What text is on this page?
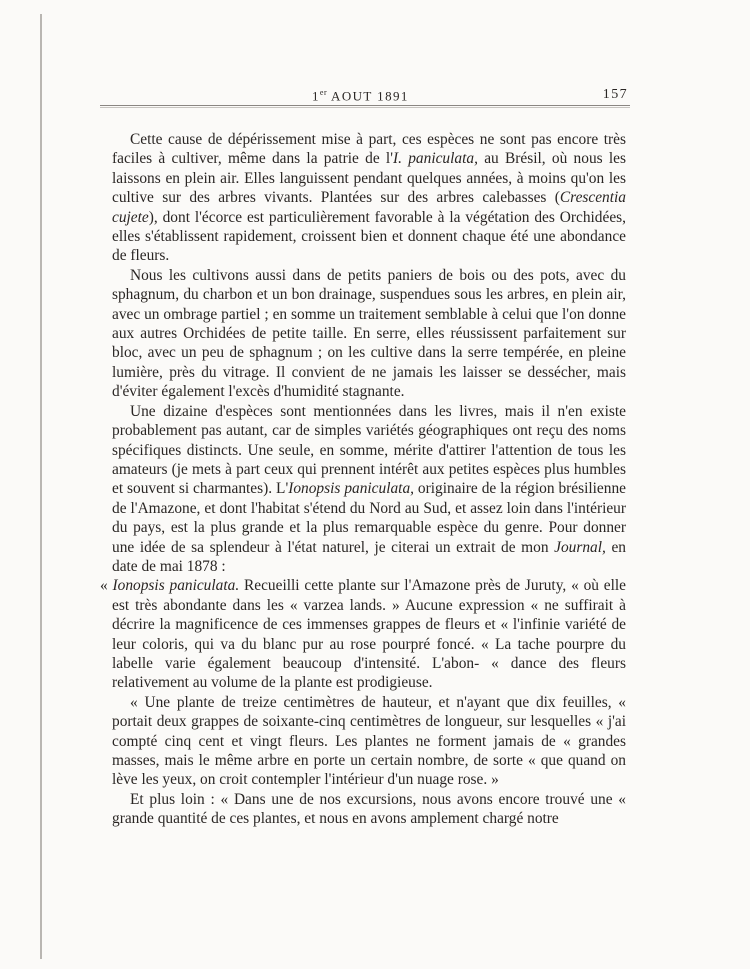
1er AOUT 1891	157

Cette cause de dépérissement mise à part, ces espèces ne sont pas encore très faciles à cultiver, même dans la patrie de l'I. paniculata, au Brésil, où nous les laissons en plein air. Elles languissent pendant quelques années, à moins qu'on les cultive sur des arbres vivants. Plantées sur des arbres calebasses (Crescentia cujete), dont l'écorce est particulièrement favorable à la végétation des Orchidées, elles s'établissent rapidement, croissent bien et donnent chaque été une abondance de fleurs.

Nous les cultivons aussi dans de petits paniers de bois ou des pots, avec du sphagnum, du charbon et un bon drainage, suspendues sous les arbres, en plein air, avec un ombrage partiel ; en somme un traitement semblable à celui que l'on donne aux autres Orchidées de petite taille. En serre, elles réussissent parfaitement sur bloc, avec un peu de sphagnum ; on les cultive dans la serre tempérée, en pleine lumière, près du vitrage. Il convient de ne jamais les laisser se dessécher, mais d'éviter également l'excès d'humidité stagnante.

Une dizaine d'espèces sont mentionnées dans les livres, mais il n'en existe probablement pas autant, car de simples variétés géographiques ont reçu des noms spécifiques distincts. Une seule, en somme, mérite d'attirer l'attention de tous les amateurs (je mets à part ceux qui prennent intérêt aux petites espèces plus humbles et souvent si charmantes). L'Ionopsis paniculata, originaire de la région brésilienne de l'Amazone, et dont l'habitat s'étend du Nord au Sud, et assez loin dans l'intérieur du pays, est la plus grande et la plus remarquable espèce du genre. Pour donner une idée de sa splendeur à l'état naturel, je citerai un extrait de mon Journal, en date de mai 1878 :

« Ionopsis paniculata. Recueilli cette plante sur l'Amazone près de Juruty, « où elle est très abondante dans les « varzea lands. » Aucune expression « ne suffirait à décrire la magnificence de ces immenses grappes de fleurs et « l'infinie variété de leur coloris, qui va du blanc pur au rose pourpré foncé. « La tache pourpre du labelle varie également beaucoup d'intensité. L'abon- « dance des fleurs relativement au volume de la plante est prodigieuse.

« Une plante de treize centimètres de hauteur, et n'ayant que dix feuilles, « portait deux grappes de soixante-cinq centimètres de longueur, sur lesquelles « j'ai compté cinq cent et vingt fleurs. Les plantes ne forment jamais de « grandes masses, mais le même arbre en porte un certain nombre, de sorte « que quand on lève les yeux, on croit contempler l'intérieur d'un nuage rose. »

Et plus loin : « Dans une de nos excursions, nous avons encore trouvé une « grande quantité de ces plantes, et nous en avons amplement chargé notre
